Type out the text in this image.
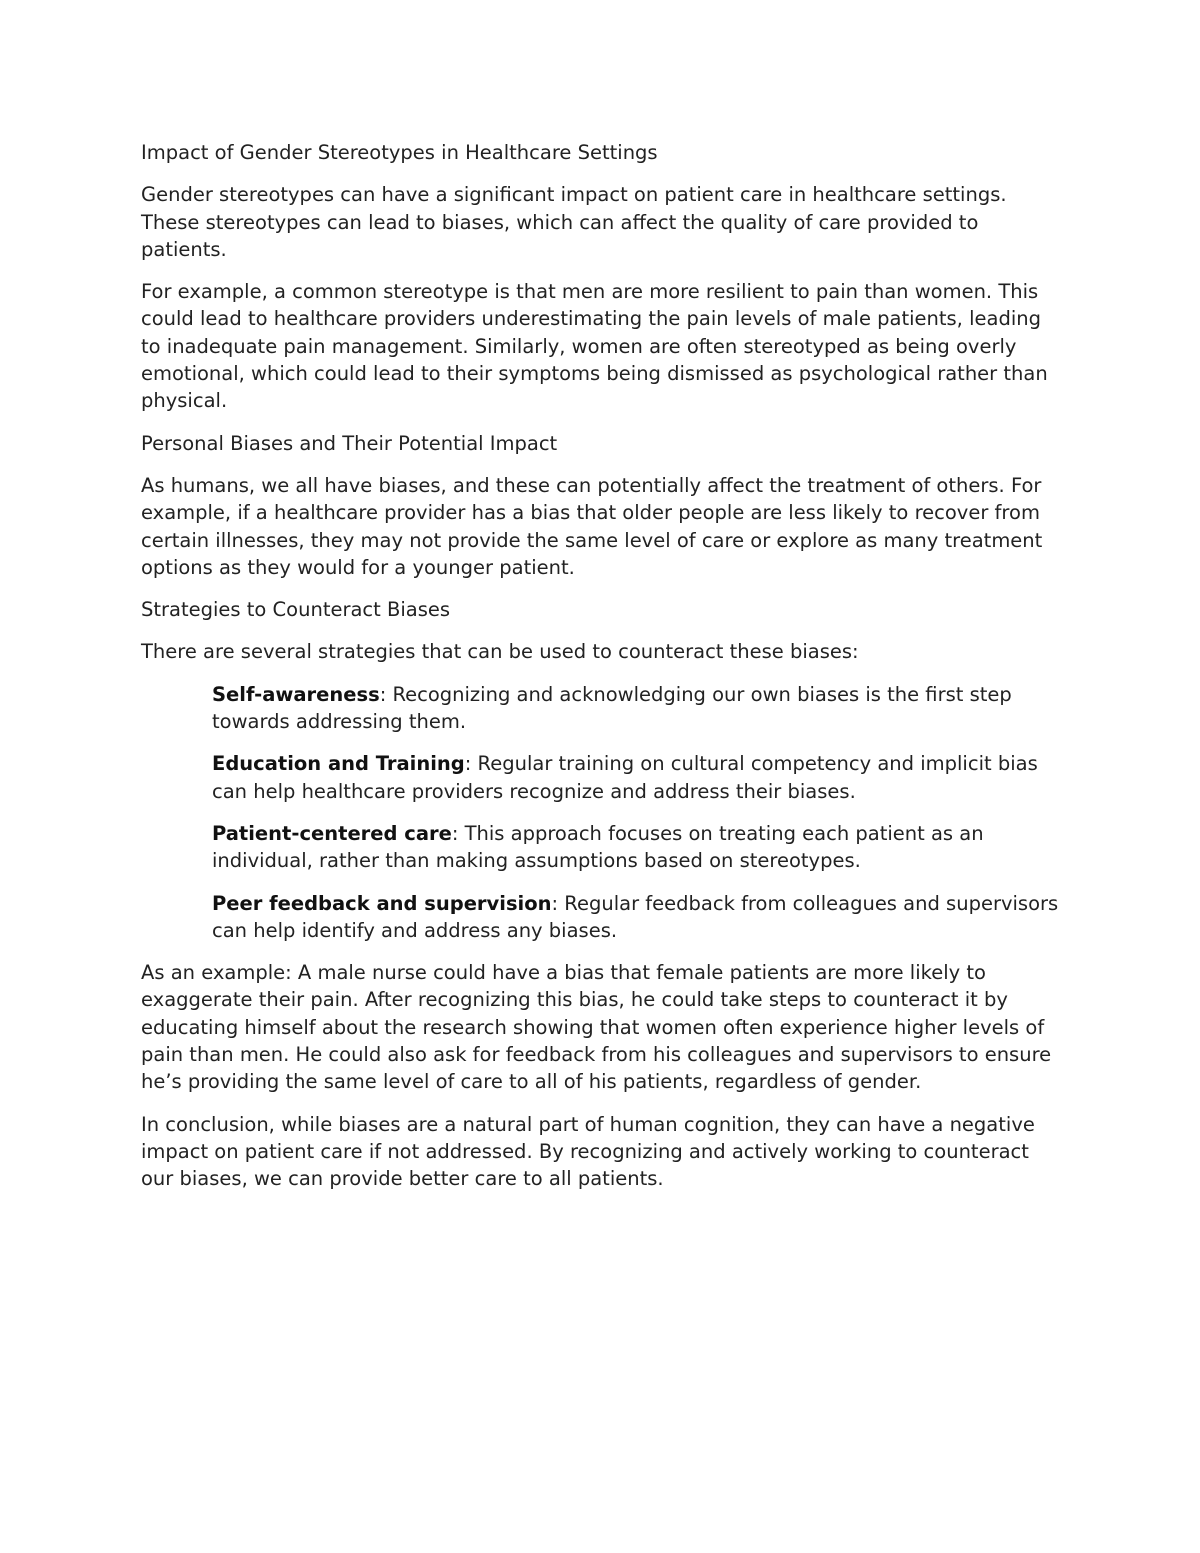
Impact of Gender Stereotypes in Healthcare Settings

Gender stereotypes can have a significant impact on patient care in healthcare settings. These stereotypes can lead to biases, which can affect the quality of care provided to patients.

For example, a common stereotype is that men are more resilient to pain than women. This could lead to healthcare providers underestimating the pain levels of male patients, leading to inadequate pain management. Similarly, women are often stereotyped as being overly emotional, which could lead to their symptoms being dismissed as psychological rather than physical.

Personal Biases and Their Potential Impact

As humans, we all have biases, and these can potentially affect the treatment of others. For example, if a healthcare provider has a bias that older people are less likely to recover from certain illnesses, they may not provide the same level of care or explore as many treatment options as they would for a younger patient.

Strategies to Counteract Biases

There are several strategies that can be used to counteract these biases:

Self-awareness: Recognizing and acknowledging our own biases is the first step towards addressing them.
Education and Training: Regular training on cultural competency and implicit bias can help healthcare providers recognize and address their biases.
Patient-centered care: This approach focuses on treating each patient as an individual, rather than making assumptions based on stereotypes.
Peer feedback and supervision: Regular feedback from colleagues and supervisors can help identify and address any biases.

As an example: A male nurse could have a bias that female patients are more likely to exaggerate their pain. After recognizing this bias, he could take steps to counteract it by educating himself about the research showing that women often experience higher levels of pain than men. He could also ask for feedback from his colleagues and supervisors to ensure he’s providing the same level of care to all of his patients, regardless of gender.

In conclusion, while biases are a natural part of human cognition, they can have a negative impact on patient care if not addressed. By recognizing and actively working to counteract our biases, we can provide better care to all patients.
